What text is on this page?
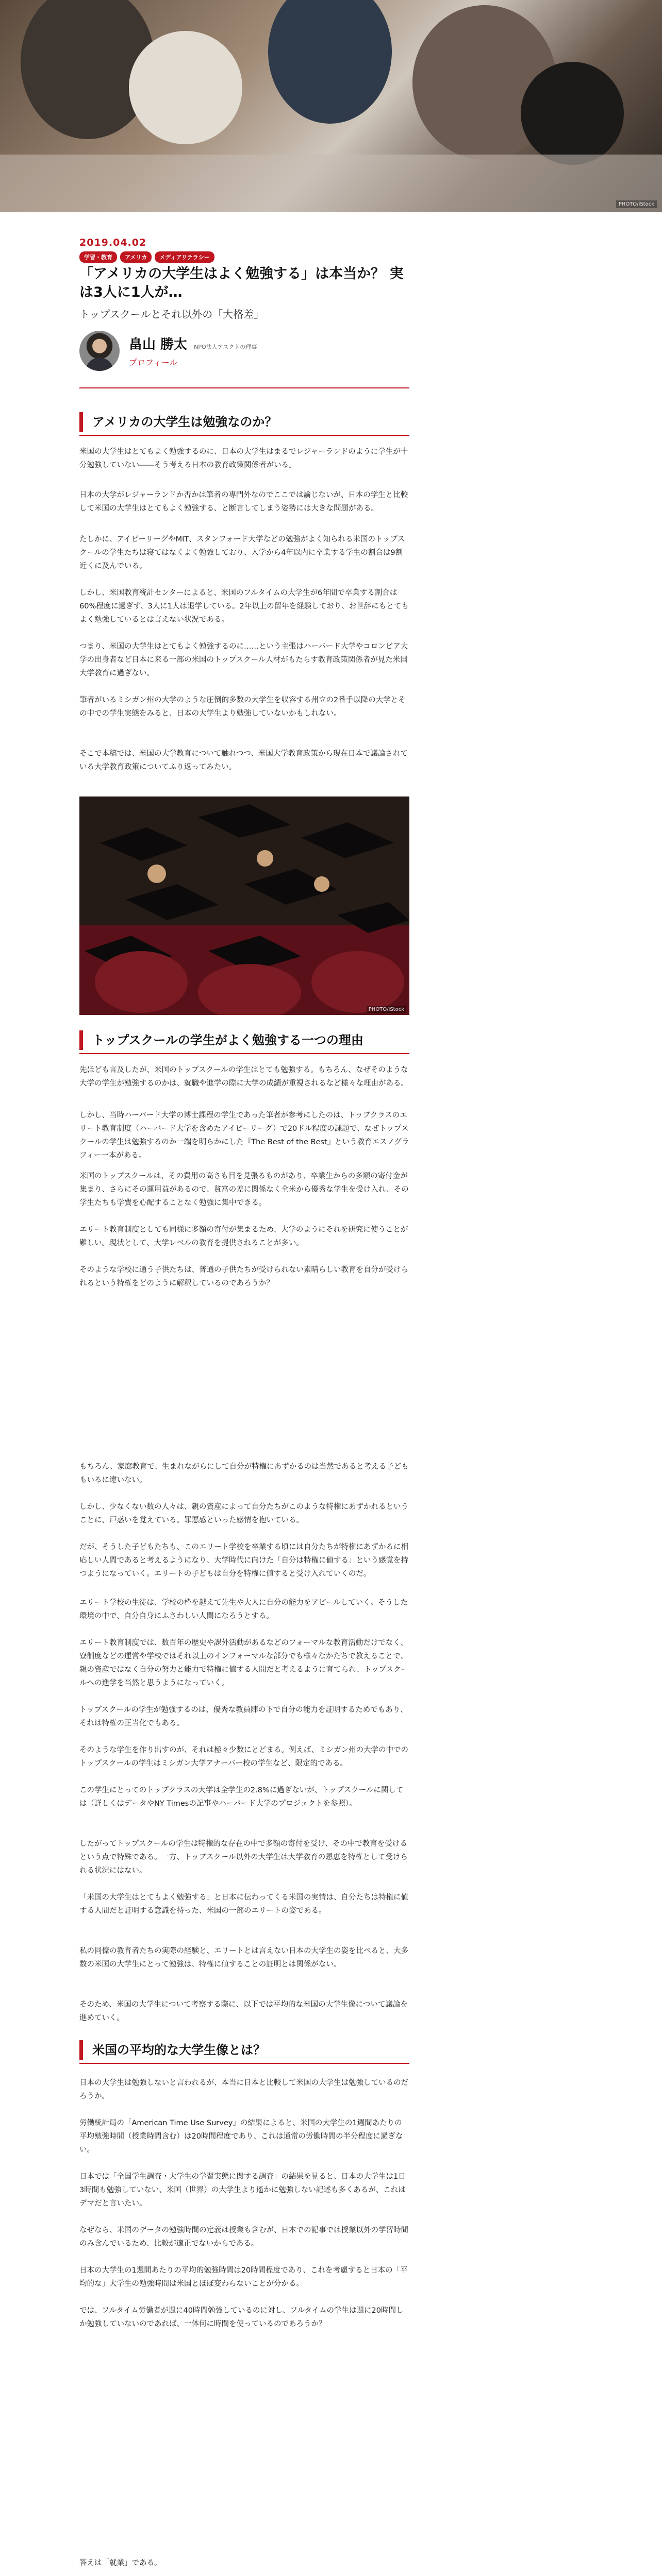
PHOTO/iStock
2019.04.02
学習・教育	アメリカ	メディアリテラシー
「アメリカの大学生はよく勉強する」は本当か？ 実は3人に1人が…
トップスクールとそれ以外の「大格差」
畠山 勝太 NPO法人アスクトの理事
プロフィール
アメリカの大学生は勉強なのか？
米国の大学生はとてもよく勉強するのに、日本の大学生はまるでレジャーランドのように学生が十分勉強していない――そう考える日本の教育政策関係者がいる。
日本の大学がレジャーランドか否かは筆者の専門外なのでここでは論じないが、日本の学生と比較して米国の大学生はとてもよく勉強する、と断言してしまう姿勢には大きな問題がある。
たしかに、アイビーリーグやMIT、スタンフォード大学などの勉強がよく知られる米国のトップスクールの学生たちは寝てはなくよく勉強しており、入学から4年以内に卒業する学生の割合は9割近くに及んでいる。
しかし、米国教育統計センターによると、米国のフルタイムの大学生が6年間で卒業する割合は60%程度に過ぎず、3人に1人は退学している。2年以上の留年を経験しており、お世辞にもとてもよく勉強しているとは言えない状況である。
つまり、米国の大学生はとてもよく勉強するのに……という主張はハーバード大学やコロンビア大学の出身者など日本に来る一部の米国のトップスクール人材がもたらす教育政策関係者が見た米国大学教育に過ぎない。
筆者がいるミシガン州の大学のような圧倒的多数の大学生を収容する州立の2番手以降の大学とその中での学生実態をみると、日本の大学生より勉強していないかもしれない。
そこで本稿では、米国の大学教育について触れつつ、米国大学教育政策から現在日本で議論されている大学教育政策についてふり返ってみたい。
PHOTO/iStock
トップスクールの学生がよく勉強する一つの理由
先ほども言及したが、米国のトップスクールの学生はとても勉強する。もちろん、なぜそのような大学の学生が勉強するのかは、就職や進学の際に大学の成績が重視されるなど様々な理由がある。
しかし、当時ハーバード大学の博士課程の学生であった筆者が参考にしたのは、トップクラスのエリート教育制度（ハーバード大学を含めたアイビーリーグ）で20ドル程度の課題で、なぜトップスクールの学生は勉強するのか一端を明らかにした『The Best of the Best』という教育エスノグラフィー一本がある。
米国のトップスクールは、その費用の高さも目を見張るものがあり、卒業生からの多額の寄付金が集まり、さらにその運用益があるので、貧富の差に関係なく全米から優秀な学生を受け入れ、その学生たちも学費を心配することなく勉強に集中できる。
エリート教育制度としても同様に多額の寄付が集まるため、大学のようにそれを研究に使うことが難しい。現状として、大学レベルの教育を提供されることが多い。
そのような学校に通う子供たちは、普通の子供たちが受けられない素晴らしい教育を自分が受けられるという特権をどのように解釈しているのであろうか？
もちろん、家庭教育で、生まれながらにして自分が特権にあずかるのは当然であると考える子どももいるに違いない。
しかし、少なくない数の人々は、親の資産によって自分たちがこのような特権にあずかれるということに、戸惑いを覚えている。罪悪感といった感情を抱いている。
だが、そうした子どもたちも、このエリート学校を卒業する頃には自分たちが特権にあずかるに相応しい人間であると考えるようになり、大学時代に向けた「自分は特権に値する」という感覚を持つようになっていく。エリートの子どもは自分を特権に値すると受け入れていくのだ。
エリート学校の生徒は、学校の枠を越えて先生や大人に自分の能力をアピールしていく。そうした環境の中で、自分自身にふさわしい人間になろうとする。
エリート教育制度では、数百年の歴史や課外活動があるなどのフォーマルな教育活動だけでなく、寮制度などの運営や学校ではそれ以上のインフォーマルな部分でも様々なかたちで教えることで、親の資産ではなく自分の努力と能力で特権に値する人間だと考えるように育てられ、トップスクールへの進学を当然と思うようになっていく。
トップスクールの学生が勉強するのは、優秀な教員陣の下で自分の能力を証明するためでもあり、それは特権の正当化でもある。
そのような学生を作り出すのが、それは極々少数にとどまる。例えば、ミシガン州の大学の中でのトップスクールの学生はミシガン大学アナーバー校の学生など、限定的である。
この学生にとってのトップクラスの大学は全学生の2.8%に過ぎないが、トップスクールに関しては（詳しくはデータやNY Timesの記事やハーバード大学のプロジェクトを参照）。
したがってトップスクールの学生は特権的な存在の中で多額の寄付を受け、その中で教育を受けるという点で特殊である。一方、トップスクール以外の大学生は大学教育の恩恵を特権として受けられる状況にはない。
「米国の大学生はとてもよく勉強する」と日本に伝わってくる米国の実情は、自分たちは特権に値する人間だと証明する意識を持った、米国の一部のエリートの姿である。
私の同僚の教育者たちの実際の経験と、エリートとは言えない日本の大学生の姿を比べると、大多数の米国の大学生にとって勉強は、特権に値することの証明とは関係がない。
そのため、米国の大学生について考察する際に、以下では平均的な米国の大学生像について議論を進めていく。
米国の平均的な大学生像とは？
日本の大学生は勉強しないと言われるが、本当に日本と比較して米国の大学生は勉強しているのだろうか。
労働統計局の「American Time Use Survey」の結果によると、米国の大学生の1週間あたりの平均勉強時間（授業時間含む）は20時間程度であり、これは通常の労働時間の半分程度に過ぎない。
日本では「全国学生調査・大学生の学習実態に関する調査」の結果を見ると、日本の大学生は1日3時間も勉強していない、米国（世界）の大学生より遥かに勉強しない記述も多くあるが、これはデマだと言いたい。
なぜなら、米国のデータの勉強時間の定義は授業も含むが、日本での記事では授業以外の学習時間のみ含んでいるため、比較が適正でないからである。
日本の大学生の1週間あたりの平均的勉強時間は20時間程度であり、これを考慮すると日本の「平均的な」大学生の勉強時間は米国とほぼ変わらないことが分かる。
では、フルタイム労働者が週に40時間勉強しているのに対し、フルタイムの学生は週に20時間しか勉強していないのであれば、一体何に時間を使っているのであろうか？
答えは「就業」である。
